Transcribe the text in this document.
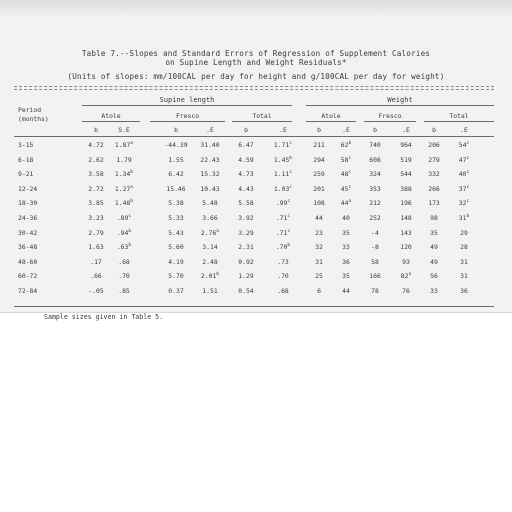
Table 7.--Slopes and Standard Errors of Regression of Supplement Calories
on Supine Length and Weight Residuals*
(Units of slopes: mm/100CAL per day for height and g/100CAL per day for weight)
Period
(months)
Supine length	Weight
Atole	Fresco	Total	Atole	Fresco	Total
b	S.E	b	.E	b	.E	b	.E	b	.E	b	.E
3-15	4.72 1.87$^a$	-44.39 31.40	6.47	1.71$^c$	211 62$^b$	740	964	206	54$^c$
6-18	2.62 1.79	1.55	22.43	4.59	1.45$^b$	294 58$^c$	608	519	279	47$^c$
9-21	3.58 1.34$^b$	6.42	15.32	4.73	1.11$^c$	259 48$^c$	324	544	332	40$^c$
12-24	2.72 1.27$^a$	15.46 10.43	4.43	1.03$^c$	201 45$^c$	353	388	266	37$^c$
18-30	3.85 1.48$^b$	5.38	5.48	5.58	.99$^c$	108 44$^a$	212	196	173	32$^c$
24-36	3.23 .89$^c$	5.33	3.66	3.92	.71$^c$	44	40	252	148	98	31$^b$
30-42	2.79 .94$^b$	5.43	2.76$^a$	3.29	.71$^c$	23	35	-4	143	35	29
36-48	1.63 .63$^b$	5.60	3.14	2.31	.70$^b$	32	33	-8	120	49	28
48-60	.17	.68	4.19	2.48	0.92	.73	31	36	58	93	49	31
60-72	.66	.70	5.70	2.01$^b$	1.29	.70	25	35	166	82$^a$	56	31
72-84	-.05 .85	0.37	1.51	0.54	.68	6	44	78	76	33	36
Sample sizes given in Table 5.
